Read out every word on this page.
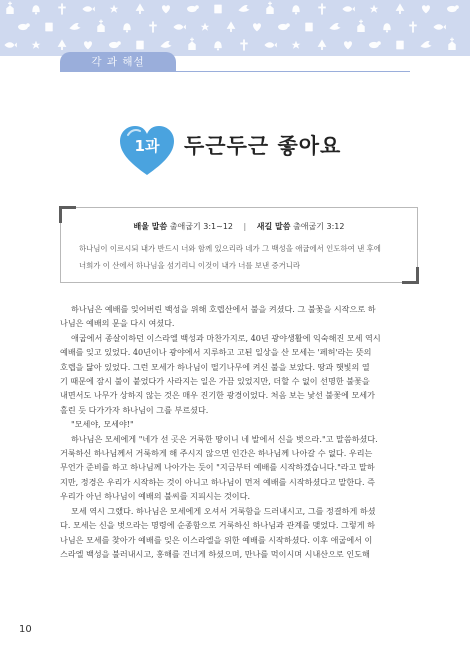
각 과 해설
1과	두근두근 좋아요
배울 말씀 출애굽기 3:1~12 | 새길 말씀 출애굽기 3:12
하나님이 이르시되 내가 반드시 너와 함께 있으리라 네가 그 백성을 애굽에서 인도하여 낸 후에
너희가 이 산에서 하나님을 섬기리니 이것이 내가 너를 보낸 증거니라

하나님은 예배를 잊어버린 백성을 위해 호렙산에서 불을 켜셨다. 그 불꽃을 시작으로 하

나님은 예배의 문을 다시 여셨다.

애굽에서 종살이하던 이스라엘 백성과 마찬가지로, 40년 광야생활에 익숙해진 모세 역시

예배를 잊고 있었다. 40년이나 광야에서 지루하고 고된 일상을 산 모세는 '페허'라는 뜻의

호렙을 닮아 있었다. 그런 모세가 하나님이 떨기나무에 켜신 불을 보았다. 땅과 햇빛의 열

기 때문에 잠시 불이 붙었다가 사라지는 일은 가끔 있었지만, 더할 수 없이 선명한 불꽃을

내면서도 나무가 상하지 않는 것은 매우 진기한 광경이었다. 처음 보는 낯선 불꽃에 모세가

홀린 듯 다가가자 하나님이 그를 부르셨다.

"모세야, 모세야!"

하나님은 모세에게 "네가 선 곳은 거룩한 땅이니 네 발에서 신을 벗으라."고 말씀하셨다.

거룩하신 하나님께서 거룩하게 해 주시지 않으면 인간은 하나님께 나아갈 수 없다. 우리는

무언가 준비를 하고 하나님께 나아가는 듯이 "지금부터 예배를 시작하겠습니다."라고 말하

지만, 정경은 우리가 시작하는 것이 아니고 하나님이 먼저 예배를 시작하셨다고 말한다. 즉

우리가 아닌 하나님이 예배의 불씨를 지피시는 것이다.

모세 역시 그랬다. 하나님은 모세에게 오셔서 거룩함을 드러내시고, 그를 정결하게 하셨

다. 모세는 신을 벗으라는 명령에 순종함으로 거룩하신 하나님과 관계를 맺었다. 그렇게 하

나님은 모세를 찾아가 예배를 잊은 이스라엘을 위한 예배를 시작하셨다. 이후 애굽에서 이

스라엘 백성을 불러내시고, 홍해를 건너게 하셨으며, 만나를 먹이시며 시내산으로 인도해

10
